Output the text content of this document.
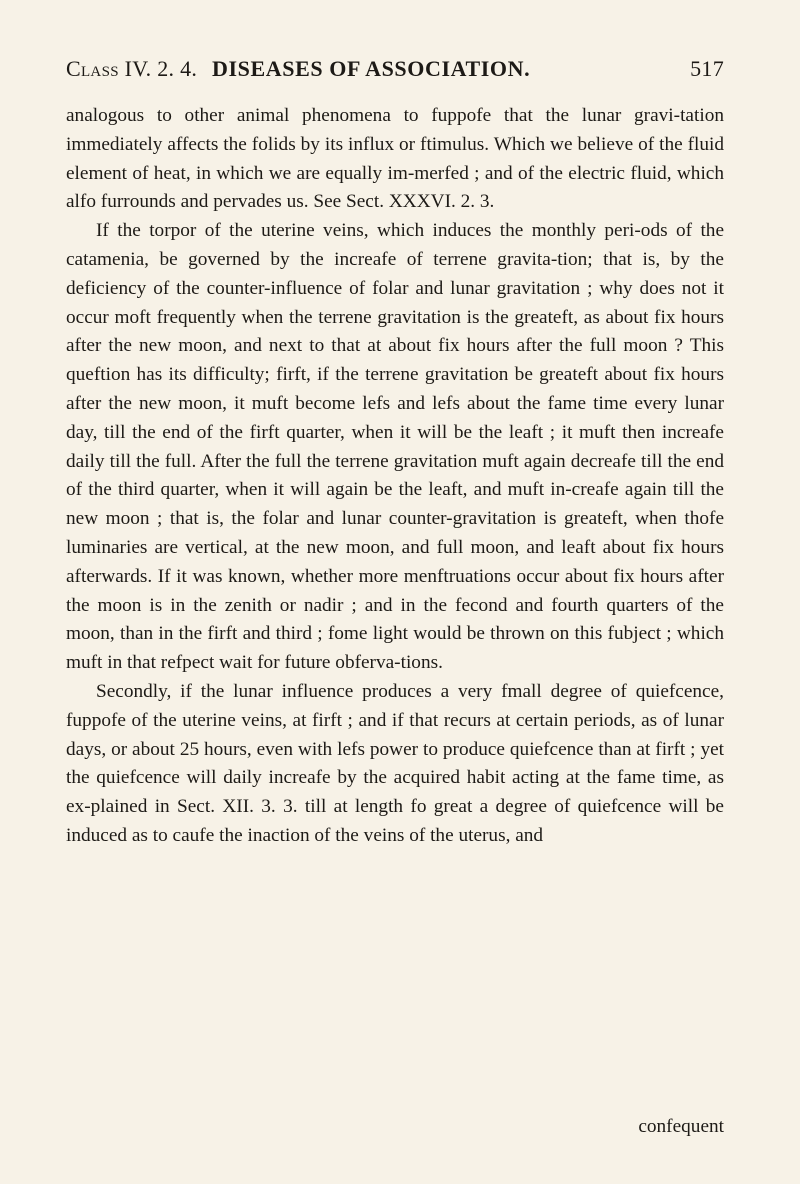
Class IV. 2. 4. DISEASES OF ASSOCIATION.	517

analogous to other animal phenomena to fuppofe that the lunar gravi-tation immediately affects the folids by its influx or ftimulus. Which we believe of the fluid element of heat, in which we are equally im-merfed ; and of the electric fluid, which alfo furrounds and pervades us. See Sect. XXXVI. 2. 3.

If the torpor of the uterine veins, which induces the monthly peri-ods of the catamenia, be governed by the increafe of terrene gravita-tion; that is, by the deficiency of the counter-influence of folar and lunar gravitation ; why does not it occur moft frequently when the terrene gravitation is the greateft, as about fix hours after the new moon, and next to that at about fix hours after the full moon ? This queftion has its difficulty; firft, if the terrene gravitation be greateft about fix hours after the new moon, it muft become lefs and lefs about the fame time every lunar day, till the end of the firft quarter, when it will be the leaft ; it muft then increafe daily till the full. After the full the terrene gravitation muft again decreafe till the end of the third quarter, when it will again be the leaft, and muft in-creafe again till the new moon ; that is, the folar and lunar counter-gravitation is greateft, when thofe luminaries are vertical, at the new moon, and full moon, and leaft about fix hours afterwards. If it was known, whether more menftruations occur about fix hours after the moon is in the zenith or nadir ; and in the fecond and fourth quarters of the moon, than in the firft and third ; fome light would be thrown on this fubject ; which muft in that refpect wait for future obferva-tions.

Secondly, if the lunar influence produces a very fmall degree of quiefcence, fuppofe of the uterine veins, at firft ; and if that recurs at certain periods, as of lunar days, or about 25 hours, even with lefs power to produce quiefcence than at firft ; yet the quiefcence will daily increafe by the acquired habit acting at the fame time, as ex-plained in Sect. XII. 3. 3. till at length fo great a degree of quiefcence will be induced as to caufe the inaction of the veins of the uterus, and

confequent
